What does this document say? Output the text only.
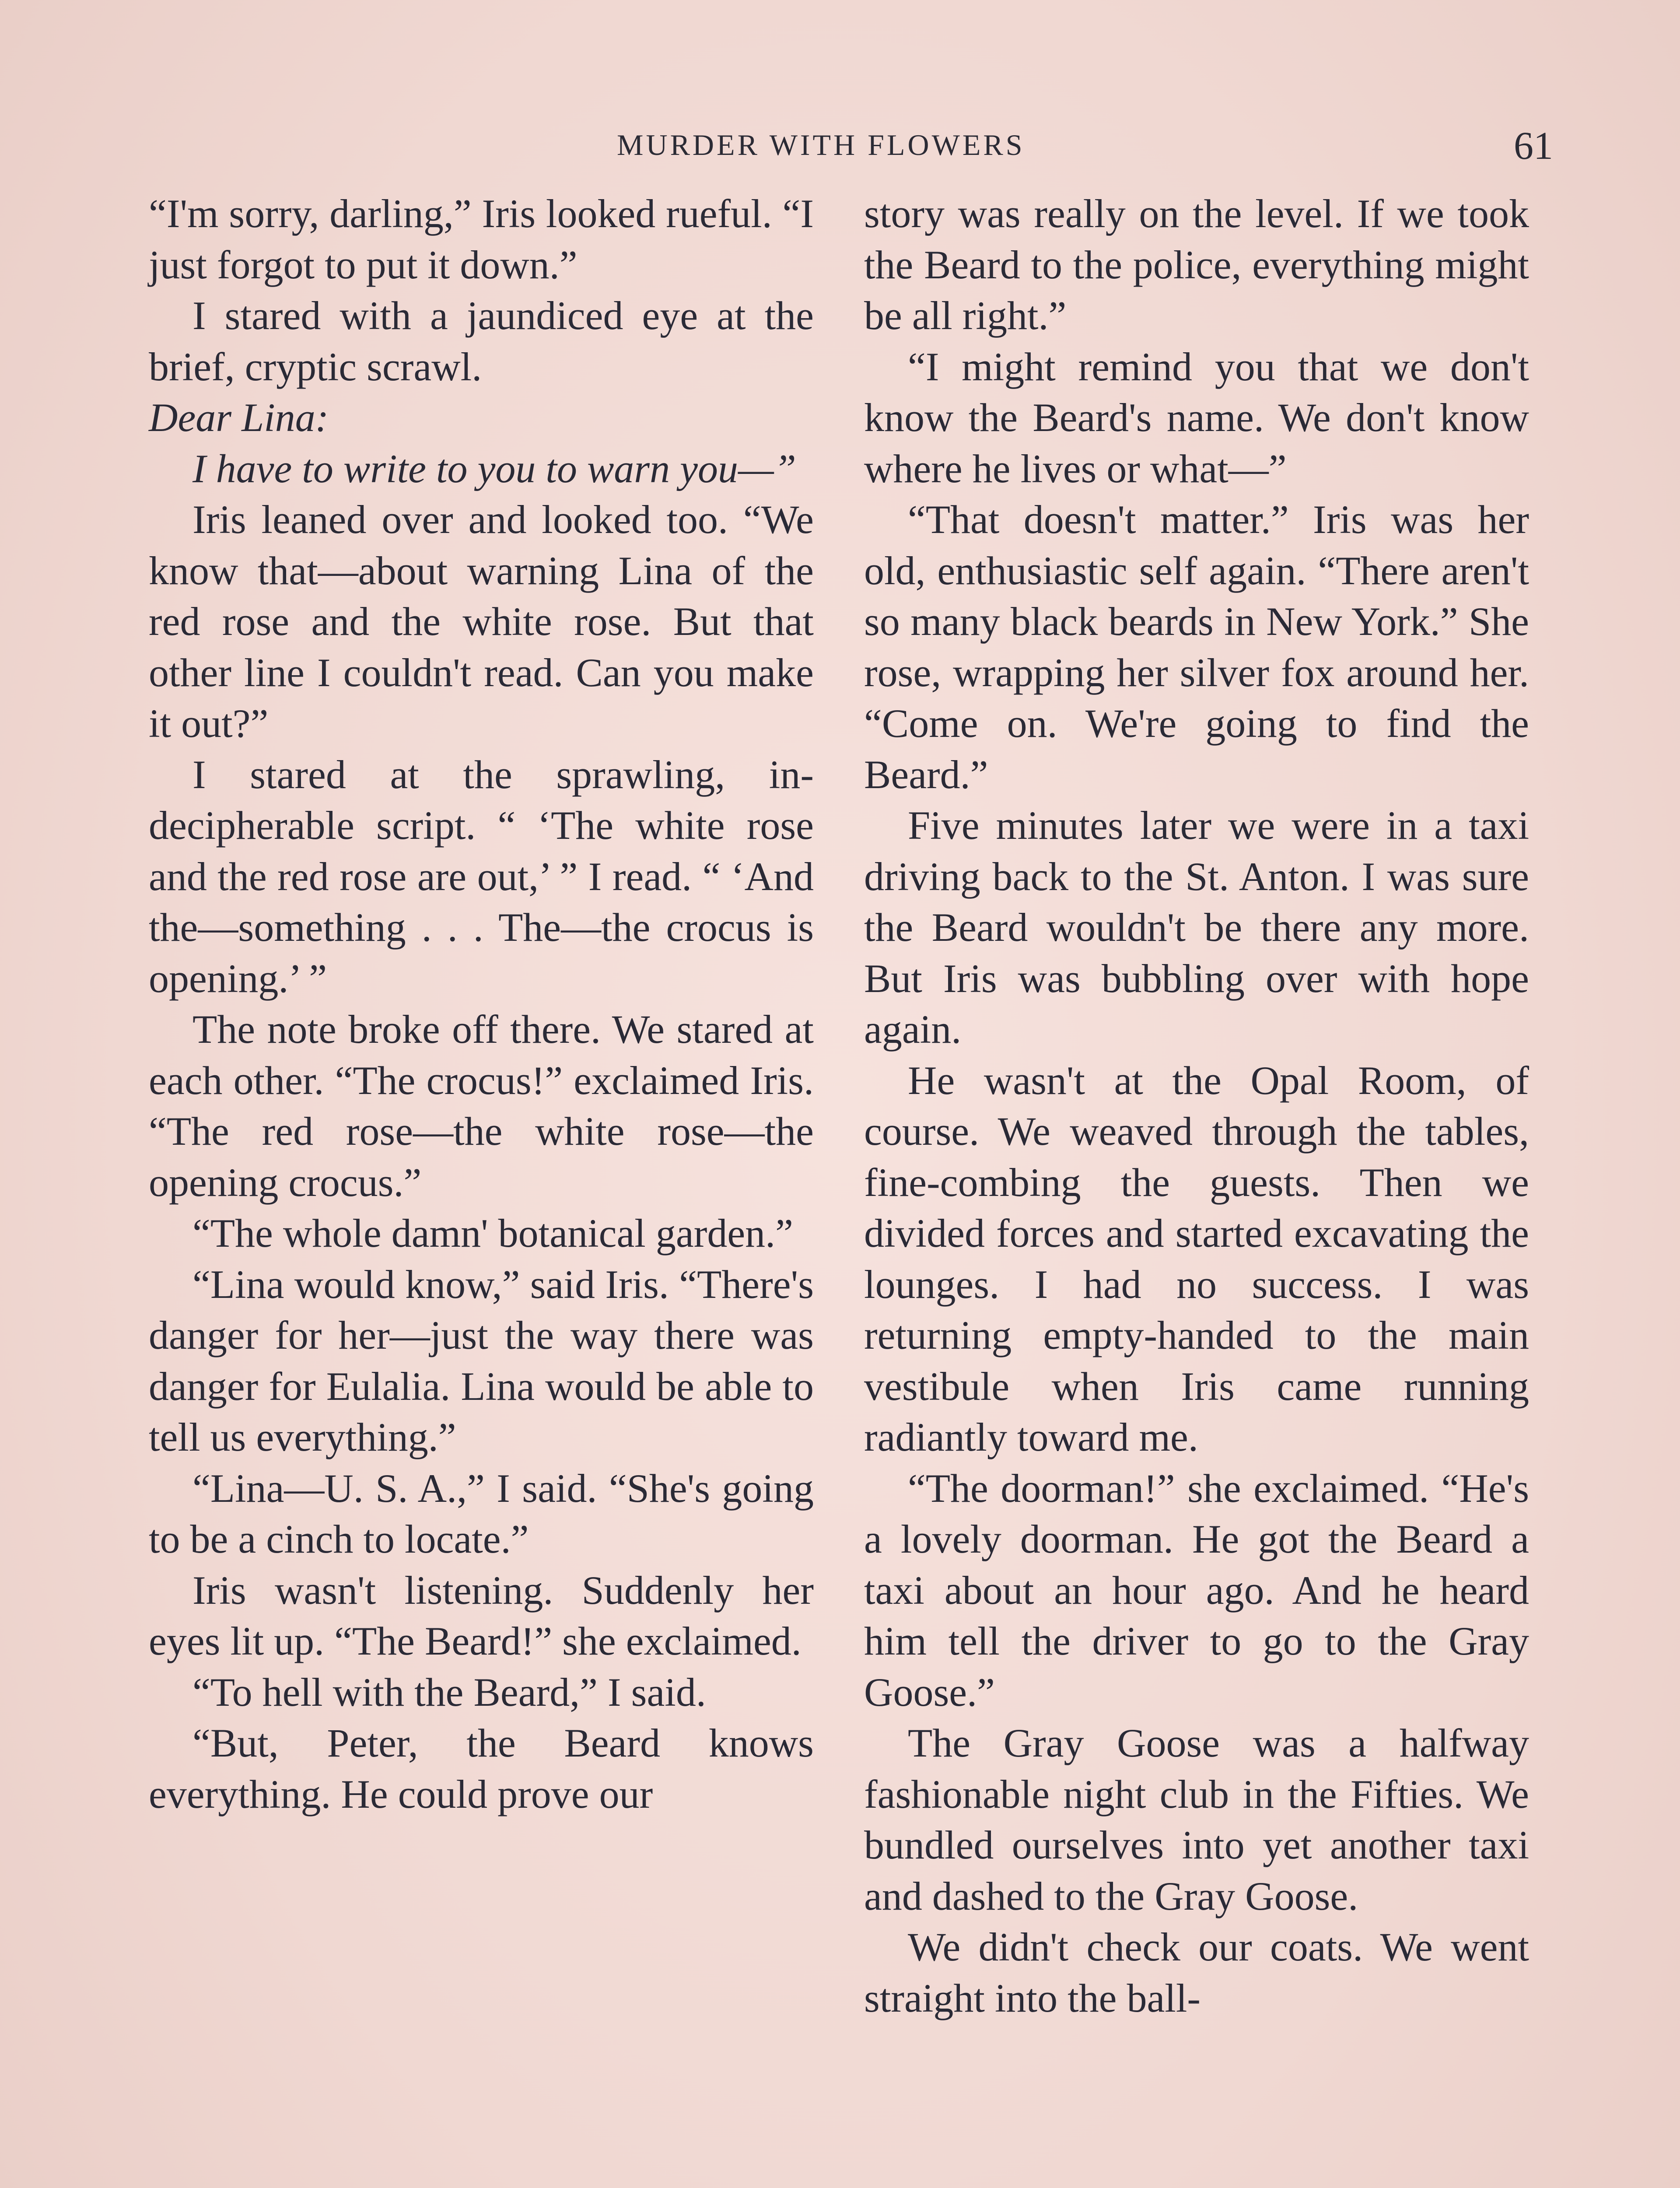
MURDER WITH FLOWERS	61

“I'm sorry, darling,” Iris looked rueful. “I just forgot to put it down.”

I stared with a jaundiced eye at the brief, cryptic scrawl.

Dear Lina:

I have to write to you to warn you—”

Iris leaned over and looked too. “We know that—about warning Lina of the red rose and the white rose. But that other line I couldn't read. Can you make it out?”

I stared at the sprawling, indecipherable script. “ ‘The white rose and the red rose are out,’ ” I read. “ ‘And the—something . . . The—the crocus is opening.’ ”

The note broke off there. We stared at each other. “The crocus!” exclaimed Iris. “The red rose—the white rose—the opening crocus.”

“The whole damn' botanical garden.”

“Lina would know,” said Iris. “There's danger for her—just the way there was danger for Eulalia. Lina would be able to tell us everything.”

“Lina—U. S. A.,” I said. “She's going to be a cinch to locate.”

Iris wasn't listening. Suddenly her eyes lit up. “The Beard!” she exclaimed.

“To hell with the Beard,” I said.

“But, Peter, the Beard knows everything. He could prove our

story was really on the level. If we took the Beard to the police, everything might be all right.”

“I might remind you that we don't know the Beard's name. We don't know where he lives or what—”

“That doesn't matter.” Iris was her old, enthusiastic self again. “There aren't so many black beards in New York.” She rose, wrapping her silver fox around her. “Come on. We're going to find the Beard.”

Five minutes later we were in a taxi driving back to the St. Anton. I was sure the Beard wouldn't be there any more. But Iris was bubbling over with hope again.

He wasn't at the Opal Room, of course. We weaved through the tables, fine-combing the guests. Then we divided forces and started excavating the lounges. I had no success. I was returning empty-handed to the main vestibule when Iris came running radiantly toward me.

“The doorman!” she exclaimed. “He's a lovely doorman. He got the Beard a taxi about an hour ago. And he heard him tell the driver to go to the Gray Goose.”

The Gray Goose was a halfway fashionable night club in the Fifties. We bundled ourselves into yet another taxi and dashed to the Gray Goose.

We didn't check our coats. We went straight into the ball-
